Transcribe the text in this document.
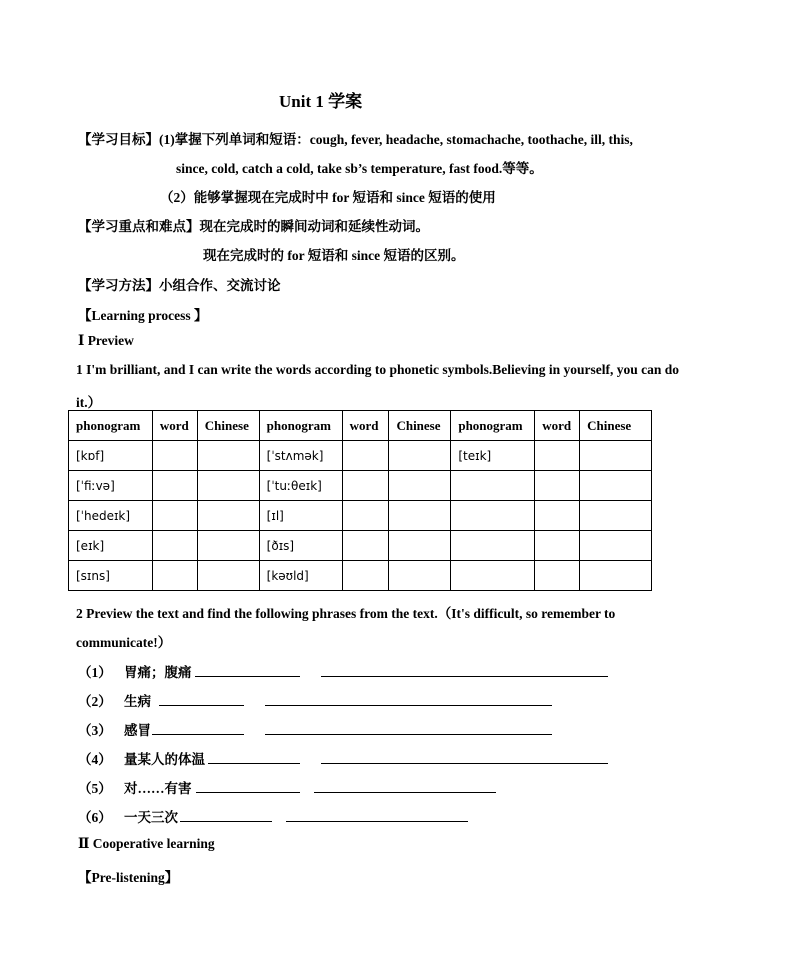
Unit 1 学案
【学习目标】(1)掌握下列单词和短语：cough, fever, headache, stomachache, toothache, ill, this,
since, cold, catch a cold, take sb’s temperature, fast food.等等。
（2）能够掌握现在完成时中 for 短语和 since 短语的使用
【学习重点和难点】现在完成时的瞬间动词和延续性动词。
现在完成时的 for 短语和 since 短语的区别。
【学习方法】小组合作、交流讨论
【Learning process 】
Ⅰ Preview
1 I'm brilliant, and I can write the words according to phonetic symbols.Believing in yourself, you can do
it.）
phonogram	word	Chinese	phonogram	word	Chinese	phonogram	word	Chinese
[kɒf]			[ˈstʌmək]			[teɪk]		
[ˈfiːvə]			[ˈtuːθeɪk]					
[ˈhedeɪk]			[ɪl]					
[eɪk]			[ðɪs]					
[sɪns]			[kəʊld]					
2 Preview the text and find the following phrases from the text.（It's difficult, so remember to
communicate!）
（1） 胃痛；腹痛
（2） 生病
（3） 感冒
（4） 量某人的体温
（5） 对……有害
（6） 一天三次
Ⅱ Cooperative learning
【Pre-listening】
